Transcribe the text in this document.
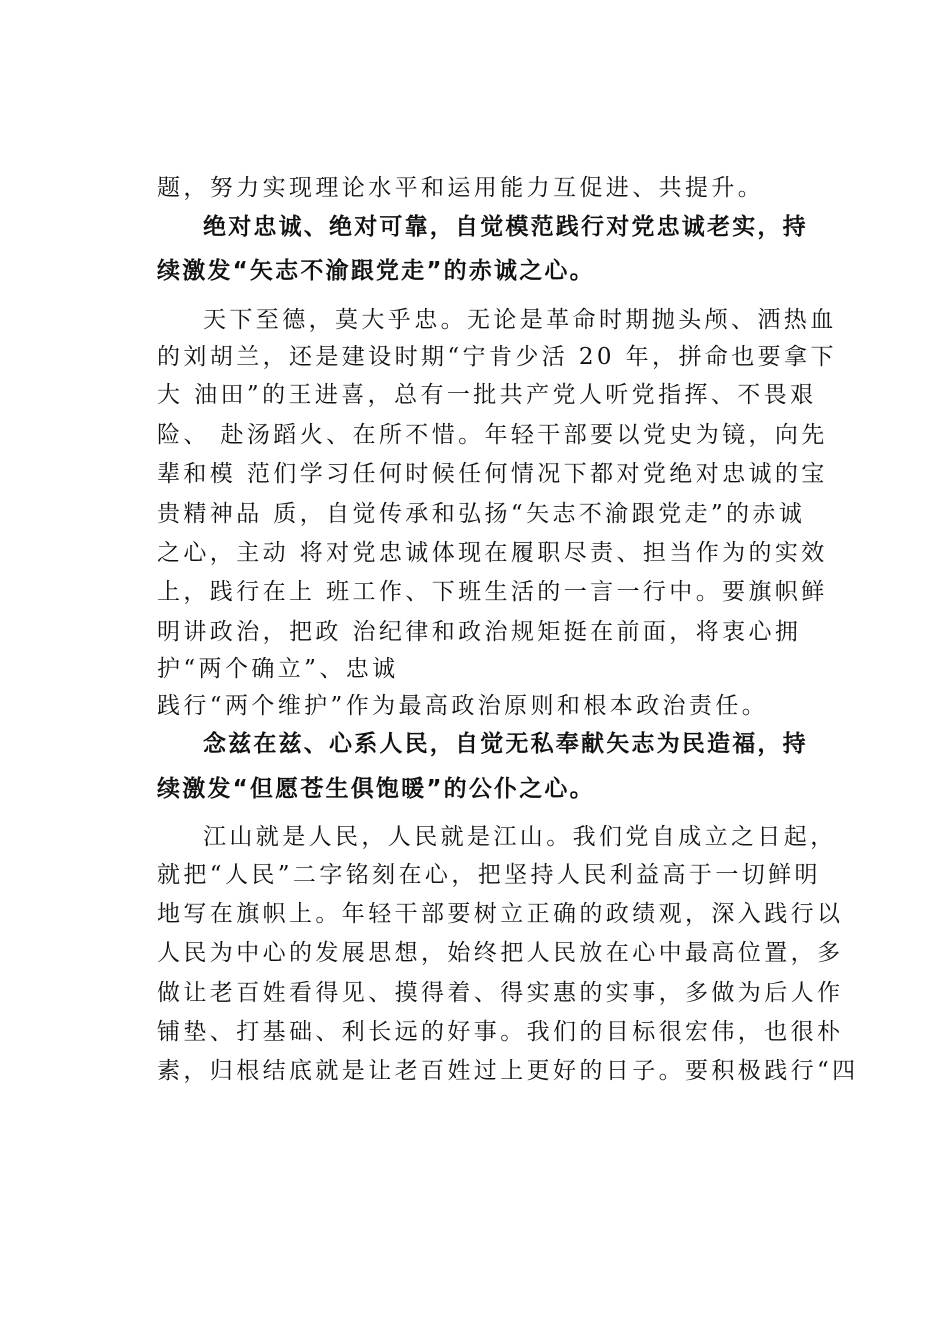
题，努力实现理论水平和运用能力互促进、共提升。
绝对忠诚、绝对可靠，自觉模范践行对党忠诚老实，持
续激发“矢志不渝跟党走”的赤诚之心。
天下至德，莫大乎忠。无论是革命时期抛头颅、洒热血
的刘胡兰，还是建设时期“宁肯少活 20 年，拼命也要拿下
大 油田”的王进喜，总有一批共产党人听党指挥、不畏艰
险、 赴汤蹈火、在所不惜。年轻干部要以党史为镜，向先
辈和模 范们学习任何时候任何情况下都对党绝对忠诚的宝
贵精神品 质，自觉传承和弘扬“矢志不渝跟党走”的赤诚
之心，主动 将对党忠诚体现在履职尽责、担当作为的实效
上，践行在上 班工作、下班生活的一言一行中。要旗帜鲜
明讲政治，把政 治纪律和政治规矩挺在前面，将衷心拥
护“两个确立”、忠诚
践行“两个维护”作为最高政治原则和根本政治责任。
念兹在兹、心系人民，自觉无私奉献矢志为民造福，持
续激发“但愿苍生俱饱暖”的公仆之心。
江山就是人民，人民就是江山。我们党自成立之日起，
就把“人民”二字铭刻在心，把坚持人民利益高于一切鲜明
地写在旗帜上。年轻干部要树立正确的政绩观，深入践行以
人民为中心的发展思想，始终把人民放在心中最高位置，多
做让老百姓看得见、摸得着、得实惠的实事，多做为后人作
铺垫、打基础、利长远的好事。我们的目标很宏伟，也很朴
素，归根结底就是让老百姓过上更好的日子。要积极践行“四
